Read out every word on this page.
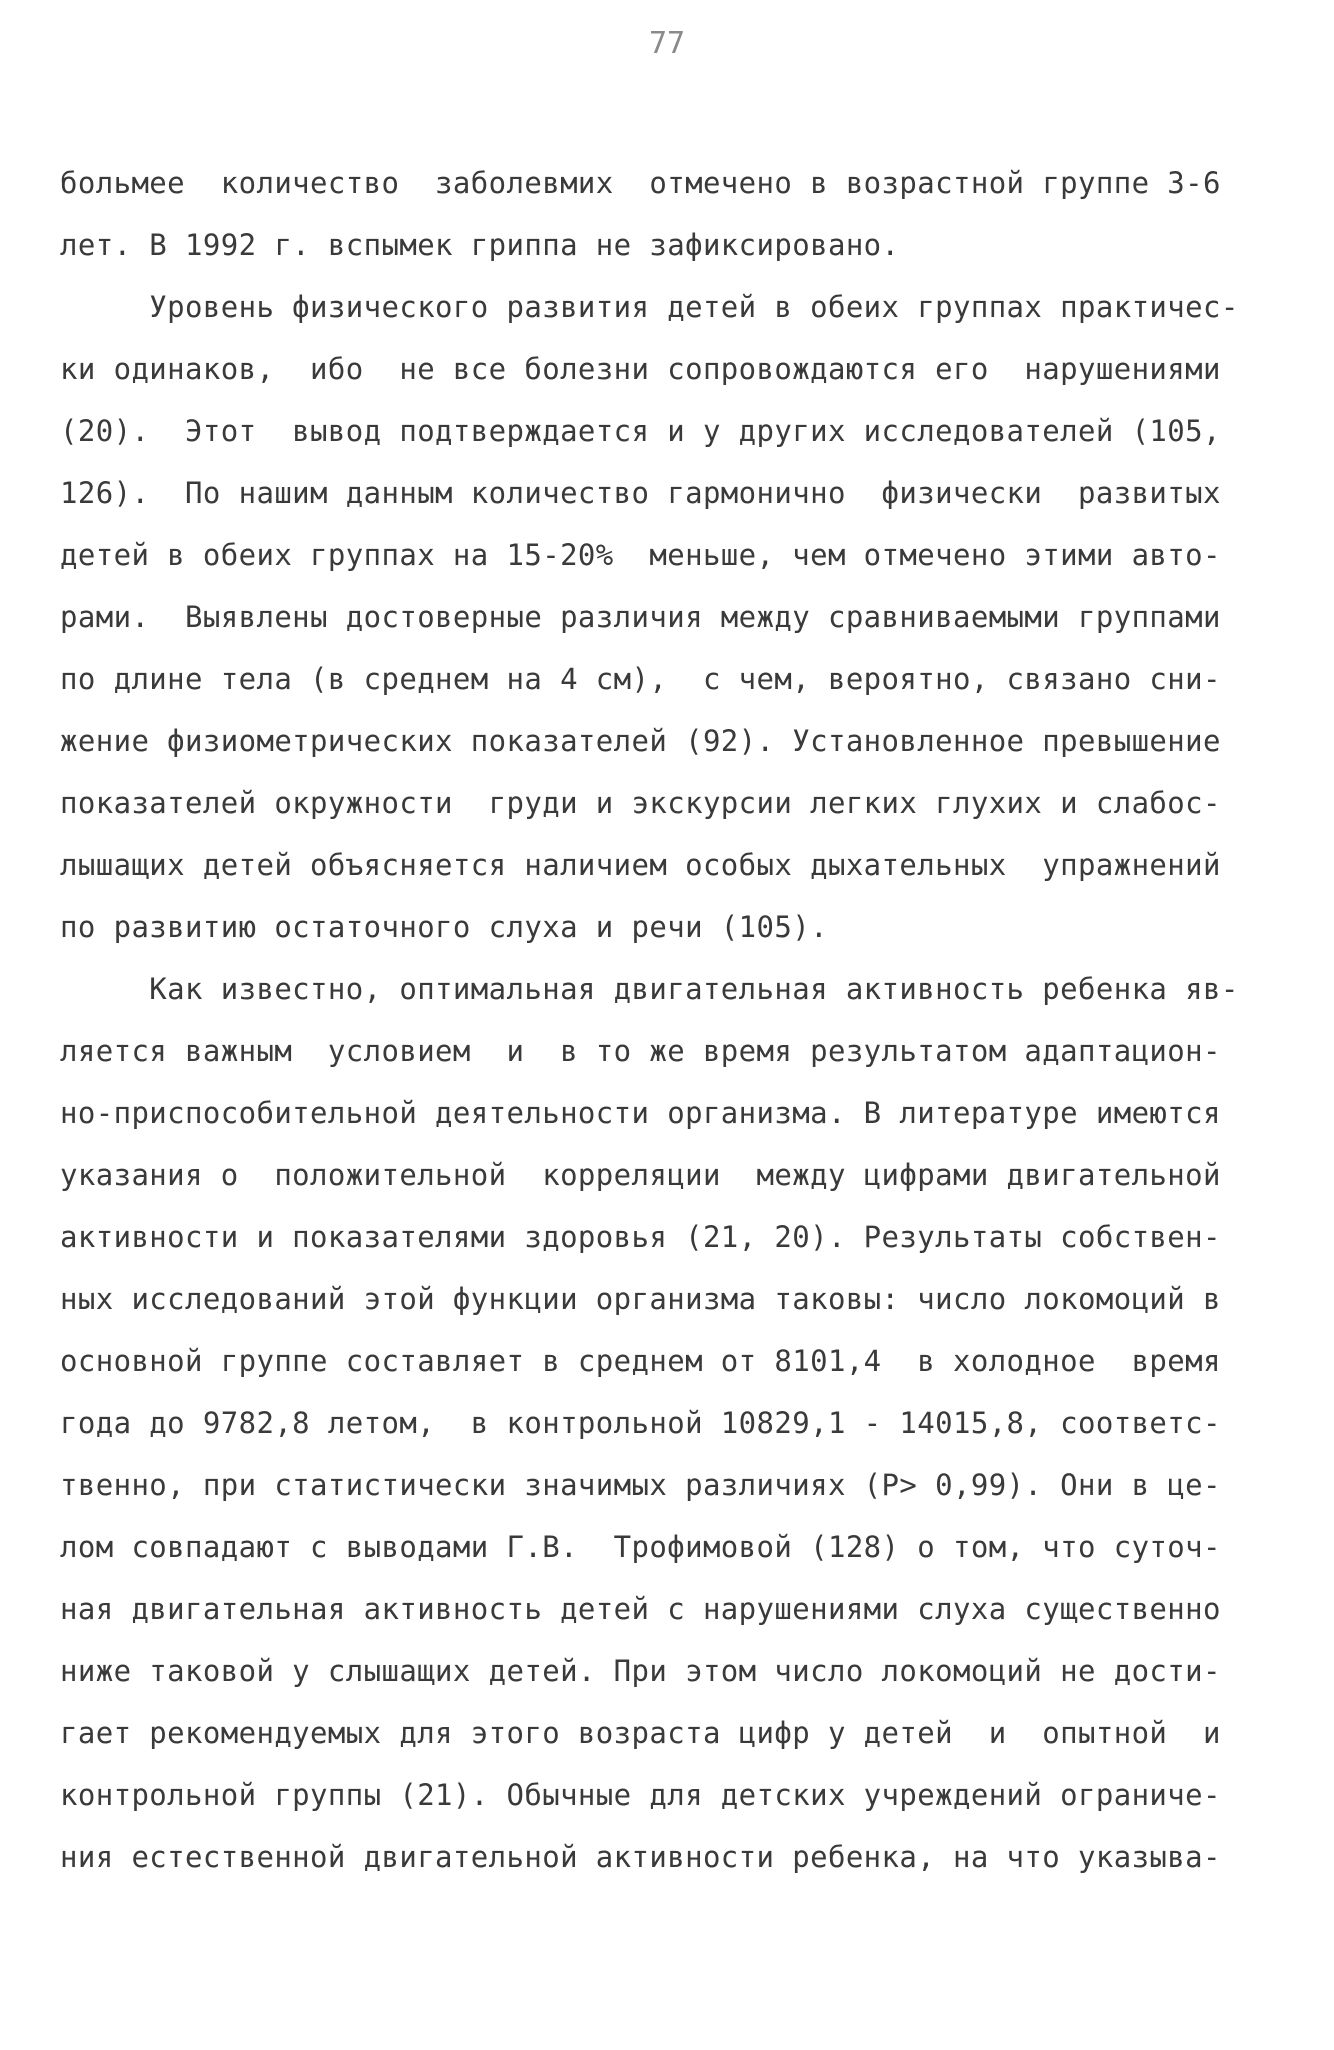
77
больмее  количество  заболевмих  отмечено в возрастной группе 3-6
лет. В 1992 г. вспымек гриппа не зафиксировано.
Уровень физического развития детей в обеих группах практичес-
ки одинаков,  ибо  не все болезни сопровождаются его  нарушениями
(20).  Этот  вывод подтверждается и у других исследователей (105,
126).  По нашим данным количество гармонично  физически  развитых
детей в обеих группах на 15-20%  меньше, чем отмечено этими авто-
рами.  Выявлены достоверные различия между сравниваемыми группами
по длине тела (в среднем на 4 см),  с чем, вероятно, связано сни-
жение физиометрических показателей (92). Установленное превышение
показателей окружности  груди и экскурсии легких глухих и слабос-
лышащих детей объясняется наличием особых дыхательных  упражнений
по развитию остаточного слуха и речи (105).
Как известно, оптимальная двигательная активность ребенка яв-
ляется важным  условием  и  в то же время результатом адаптацион-
но-приспособительной деятельности организма. В литературе имеются
указания о  положительной  корреляции  между цифрами двигательной
активности и показателями здоровья (21, 20). Результаты собствен-
ных исследований этой функции организма таковы: число локомоций в
основной группе составляет в среднем от 8101,4  в холодное  время
года до 9782,8 летом,  в контрольной 10829,1 - 14015,8, соответс-
твенно, при статистически значимых различиях (Р> 0,99). Они в це-
лом совпадают с выводами Г.В.  Трофимовой (128) о том, что суточ-
ная двигательная активность детей с нарушениями слуха существенно
ниже таковой у слышащих детей. При этом число локомоций не дости-
гает рекомендуемых для этого возраста цифр у детей  и  опытной  и
контрольной группы (21). Обычные для детских учреждений ограниче-
ния естественной двигательной активности ребенка, на что указыва-
